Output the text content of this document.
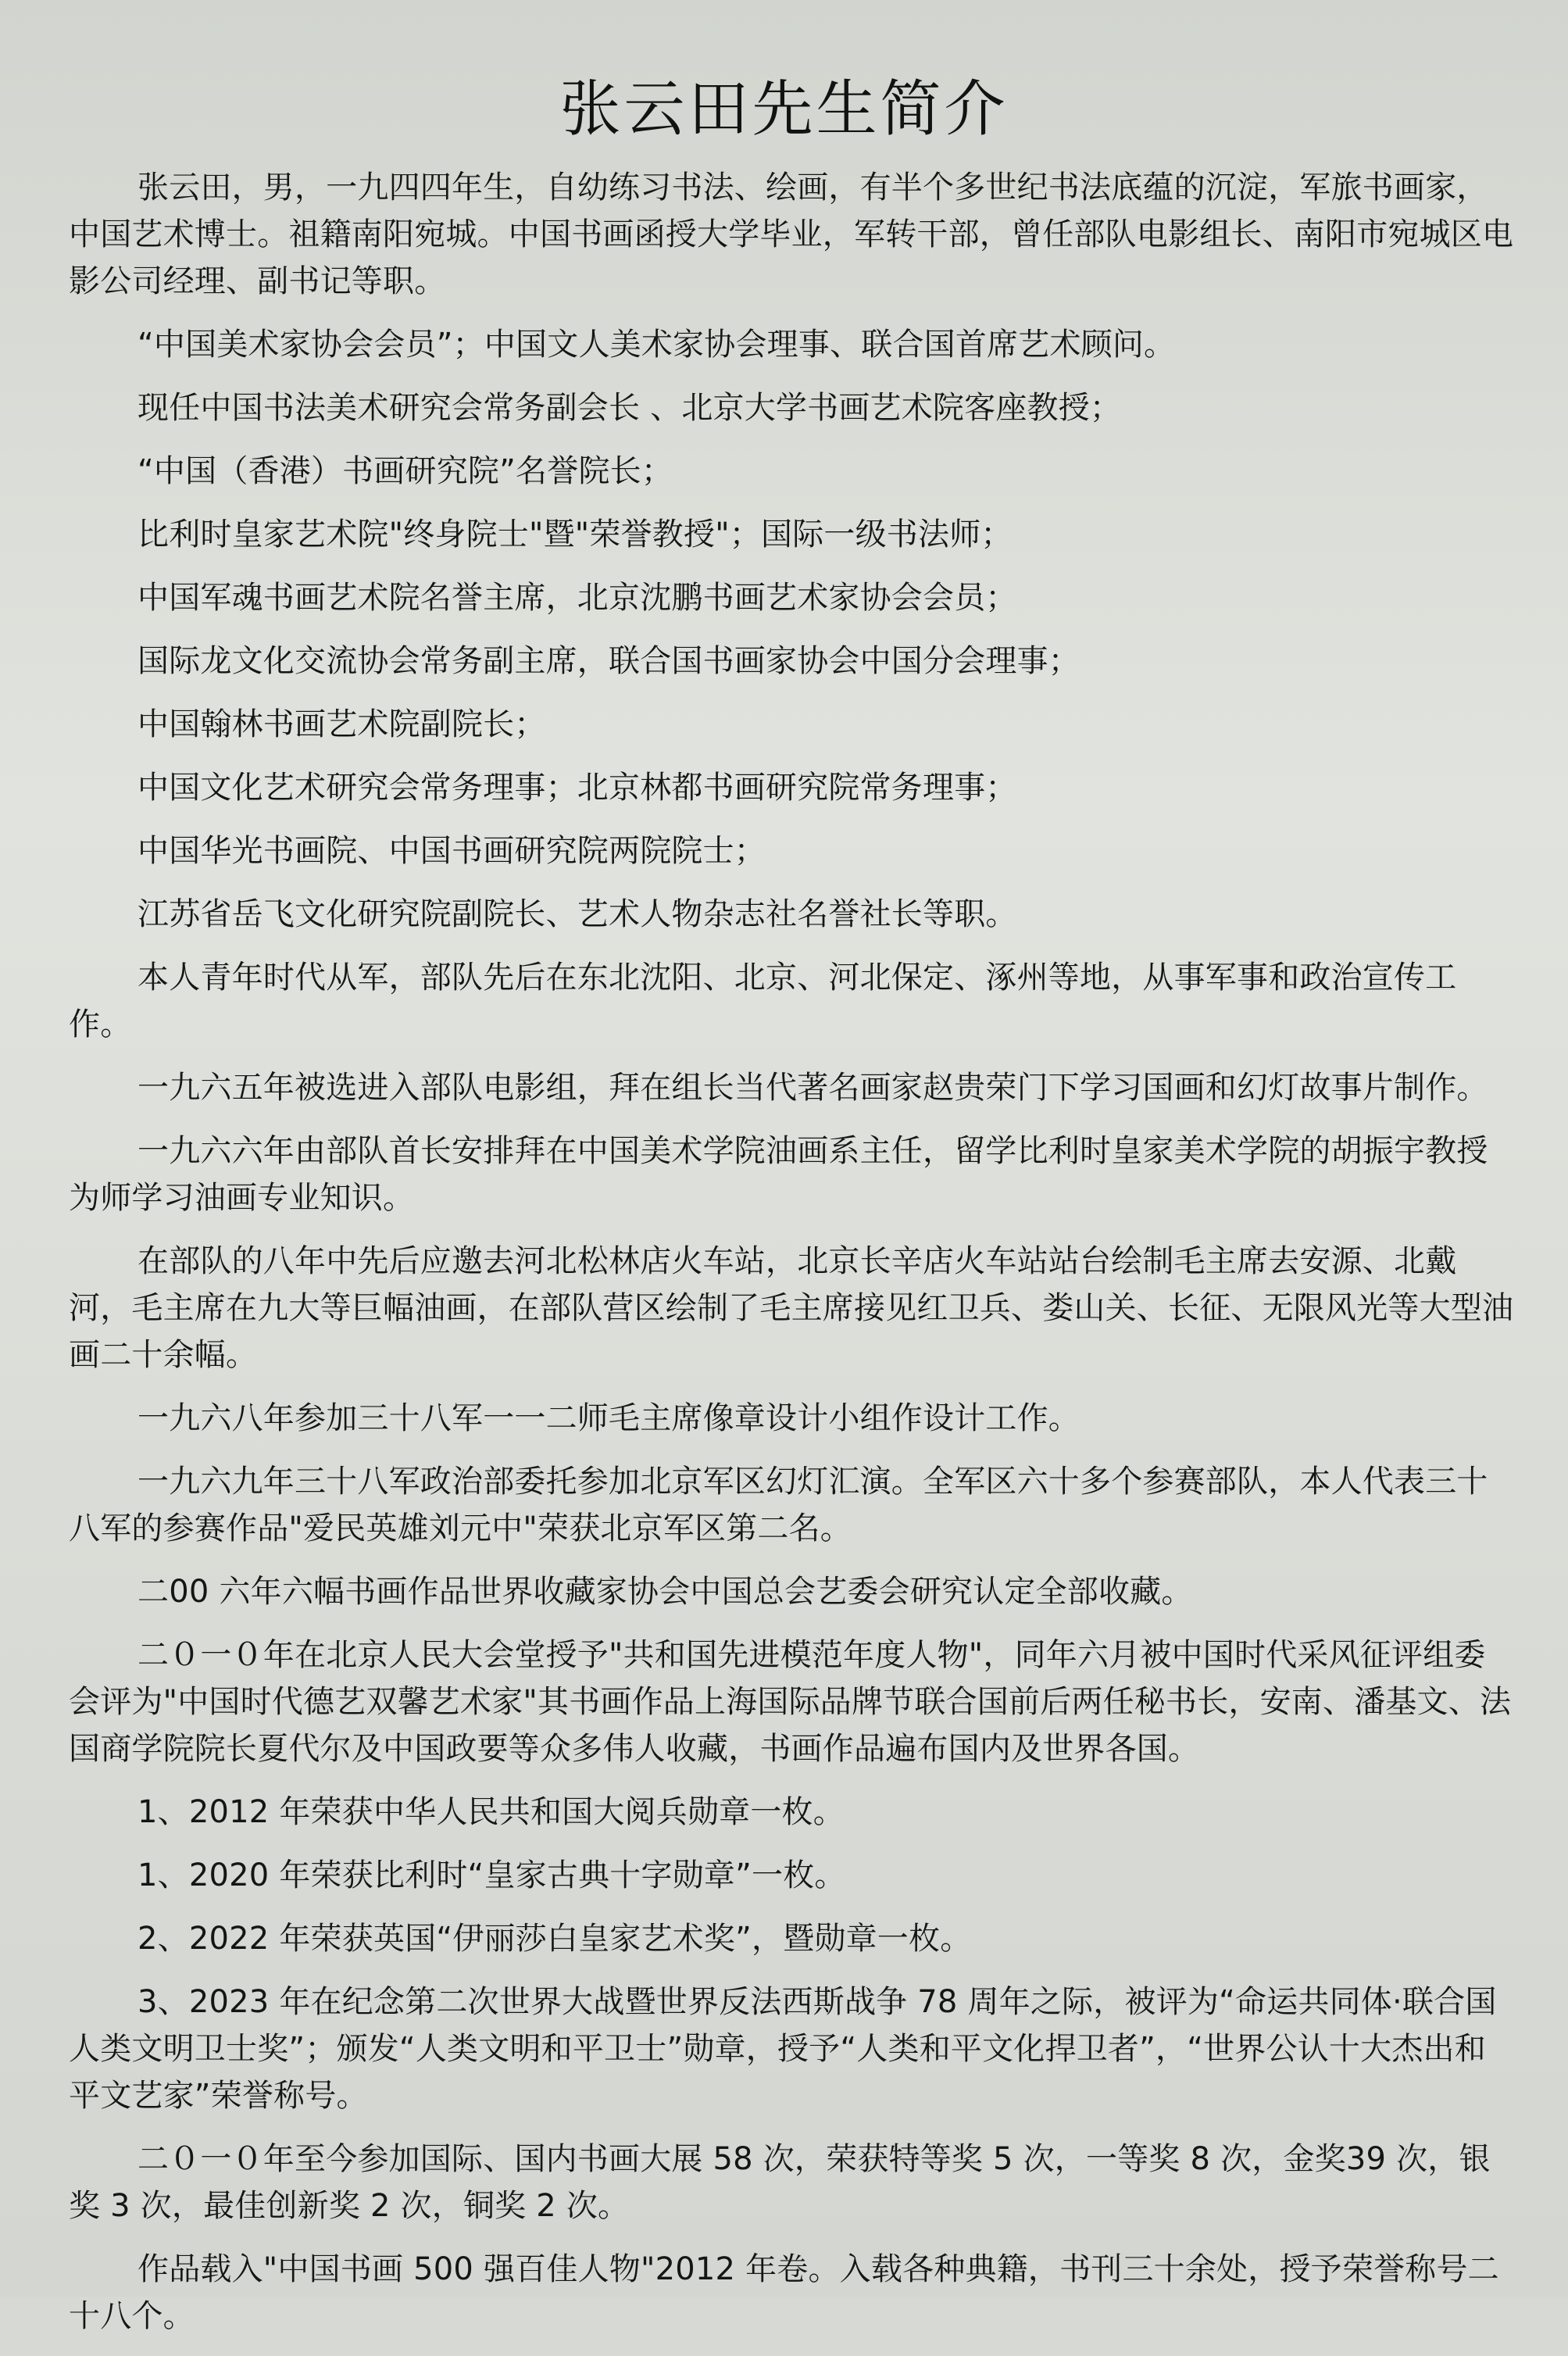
张云田先生简介

张云田，男，一九四四年生，自幼练习书法、绘画，有半个多世纪书法底蕴的沉淀，军旅书画家，中国艺术博士。祖籍南阳宛城。中国书画函授大学毕业，军转干部，曾任部队电影组长、南阳市宛城区电影公司经理、副书记等职。

“中国美术家协会会员”；中国文人美术家协会理事、联合国首席艺术顾问。

现任中国书法美术研究会常务副会长 、北京大学书画艺术院客座教授；

“中国（香港）书画研究院”名誉院长；

比利时皇家艺术院"终身院士"暨"荣誉教授"；国际一级书法师；

中国军魂书画艺术院名誉主席，北京沈鹏书画艺术家协会会员；

国际龙文化交流协会常务副主席，联合国书画家协会中国分会理事；

中国翰林书画艺术院副院长；

中国文化艺术研究会常务理事；北京林都书画研究院常务理事；

中国华光书画院、中国书画研究院两院院士；

江苏省岳飞文化研究院副院长、艺术人物杂志社名誉社长等职。

本人青年时代从军，部队先后在东北沈阳、北京、河北保定、涿州等地，从事军事和政治宣传工作。

一九六五年被选进入部队电影组，拜在组长当代著名画家赵贵荣门下学习国画和幻灯故事片制作。

一九六六年由部队首长安排拜在中国美术学院油画系主任，留学比利时皇家美术学院的胡振宇教授为师学习油画专业知识。

在部队的八年中先后应邀去河北松林店火车站，北京长辛店火车站站台绘制毛主席去安源、北戴河，毛主席在九大等巨幅油画，在部队营区绘制了毛主席接见红卫兵、娄山关、长征、无限风光等大型油画二十余幅。

一九六八年参加三十八军一一二师毛主席像章设计小组作设计工作。

一九六九年三十八军政治部委托参加北京军区幻灯汇演。全军区六十多个参赛部队，本人代表三十八军的参赛作品"爱民英雄刘元中"荣获北京军区第二名。

二00 六年六幅书画作品世界收藏家协会中国总会艺委会研究认定全部收藏。

二０一０年在北京人民大会堂授予"共和国先进模范年度人物"，同年六月被中国时代采风征评组委会评为"中国时代德艺双馨艺术家"其书画作品上海国际品牌节联合国前后两任秘书长，安南、潘基文、法国商学院院长夏代尔及中国政要等众多伟人收藏，书画作品遍布国内及世界各国。

1、2012 年荣获中华人民共和国大阅兵勋章一枚。

1、2020 年荣获比利时“皇家古典十字勋章”一枚。

2、2022 年荣获英国“伊丽莎白皇家艺术奖”，暨勋章一枚。

3、2023 年在纪念第二次世界大战暨世界反法西斯战争 78 周年之际，被评为“命运共同体·联合国人类文明卫士奖”；颁发“人类文明和平卫士”勋章，授予“人类和平文化捍卫者”，“世界公认十大杰出和平文艺家”荣誉称号。

二０一０年至今参加国际、国内书画大展 58 次，荣获特等奖 5 次，一等奖 8 次，金奖39 次，银奖 3 次，最佳创新奖 2 次，铜奖 2 次。

作品载入"中国书画 500 强百佳人物"2012 年卷。入载各种典籍，书刊三十余处，授予荣誉称号二十八个。
